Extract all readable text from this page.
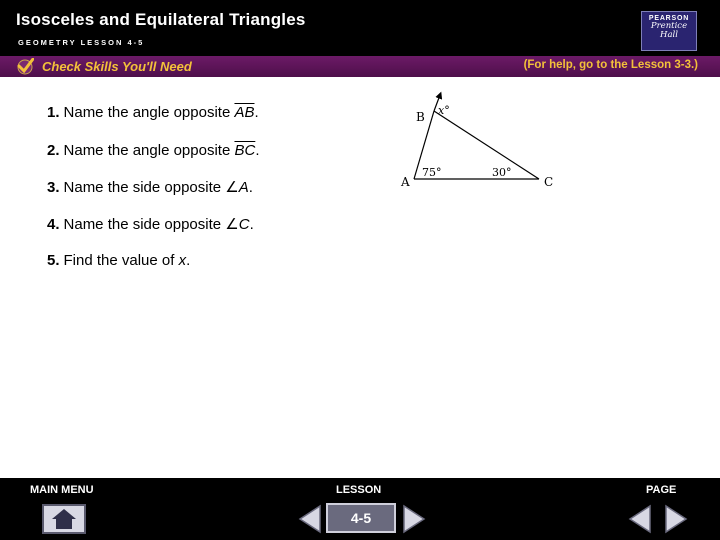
Isosceles and Equilateral Triangles
GEOMETRY LESSON 4-5
PEARSON
Prentice
Hall
Check Skills You'll Need	(For help, go to the Lesson 3-3.)
1. Name the angle opposite $\overline{AB}$.
2. Name the angle opposite $\overline{BC}$.
3. Name the side opposite ∠A.
4. Name the side opposite ∠C.
5. Find the value of x.
A
B
C
75°	30°
x°
MAIN MENU	LESSON	PAGE
4-5
